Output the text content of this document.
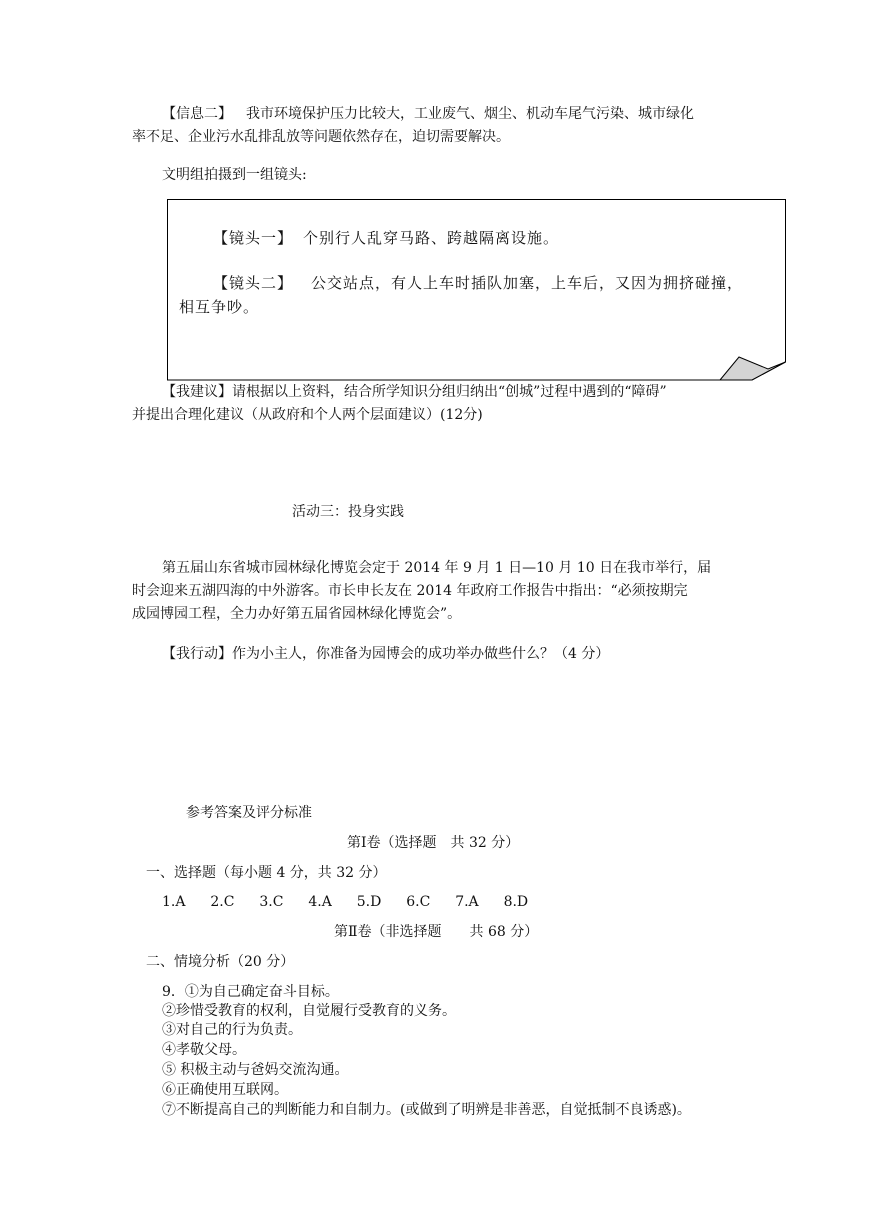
【信息二】 我市环境保护压力比较大，工业废气、烟尘、机动车尾气污染、城市绿化
率不足、企业污水乱排乱放等问题依然存在，迫切需要解决。
文明组拍摄到一组镜头:
【我建议】请根据以上资料，结合所学知识分组归纳出“创城”过程中遇到的“障碍”
并提出合理化建议（从政府和个人两个层面建议）(12分)
【镜头一】 个别行人乱穿马路、跨越隔离设施。
【镜头二】 公交站点，有人上车时插队加塞，上车后，又因为拥挤碰撞，
相互争吵。
活动三：投身实践
第五届山东省城市园林绿化博览会定于 2014 年 9 月 1 日—10 月 10 日在我市举行，届
时会迎来五湖四海的中外游客。市长申长友在 2014 年政府工作报告中指出：“必须按期完
成园博园工程，全力办好第五届省园林绿化博览会”。
【我行动】作为小主人，你准备为园博会的成功举办做些什么？（4 分）
参考答案及评分标准
第Ⅰ卷（选择题　共 32 分）
一、选择题（每小题 4 分，共 32 分）
1.A 2.C 3.C 4.A 5.D 6.C 7.A 8.D
第Ⅱ卷（非选择题　　共 68 分）
二、情境分析（20 分）
9．①为自己确定奋斗目标。
②珍惜受教育的权利，自觉履行受教育的义务。
③对自己的行为负责。
④孝敬父母。
⑤ 积极主动与爸妈交流沟通。
⑥正确使用互联网。
⑦不断提高自己的判断能力和自制力。(或做到了明辨是非善恶，自觉抵制不良诱惑)。
